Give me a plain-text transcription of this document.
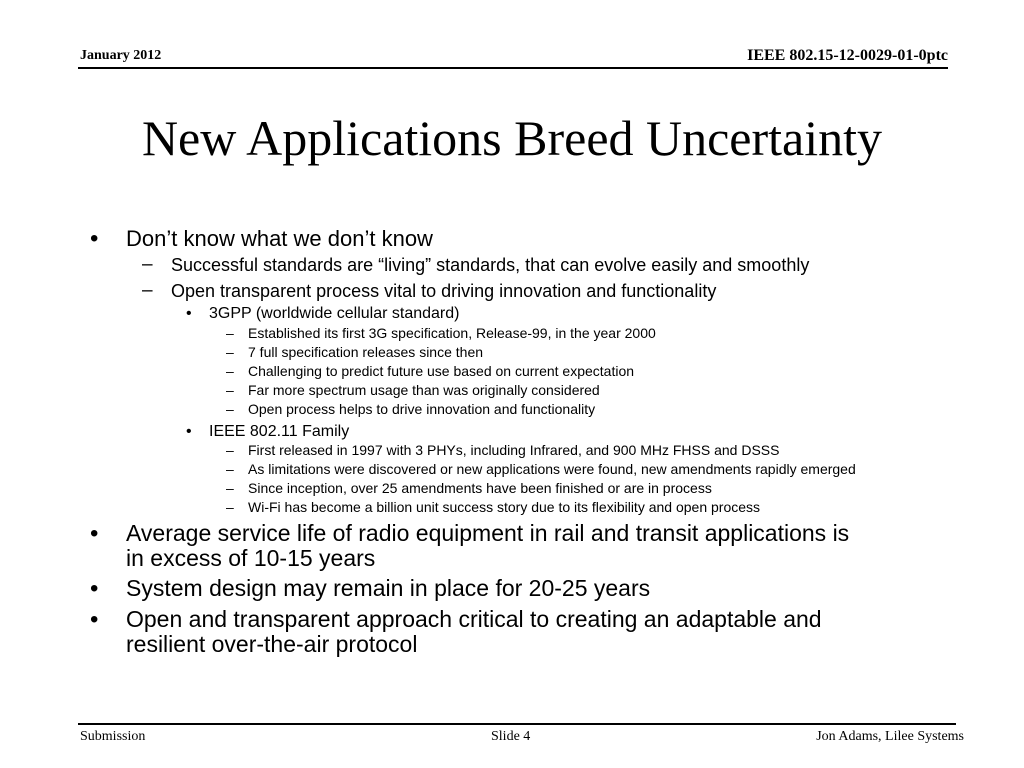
January 2012	IEEE 802.15-12-0029-01-0ptc
New Applications Breed Uncertainty
• Don’t know what we don’t know
– Successful standards are “living” standards, that can evolve easily and smoothly
– Open transparent process vital to driving innovation and functionality
• 3GPP (worldwide cellular standard)
– Established its first 3G specification, Release-99, in the year 2000
– 7 full specification releases since then
– Challenging to predict future use based on current expectation
– Far more spectrum usage than was originally considered
– Open process helps to drive innovation and functionality
• IEEE 802.11 Family
– First released in 1997 with 3 PHYs, including Infrared, and 900 MHz FHSS and DSSS
– As limitations were discovered or new applications were found, new amendments rapidly emerged
– Since inception, over 25 amendments have been finished or are in process
– Wi-Fi has become a billion unit success story due to its flexibility and open process
• Average service life of radio equipment in rail and transit applications is
in excess of 10-15 years
• System design may remain in place for 20-25 years
• Open and transparent approach critical to creating an adaptable and
resilient over-the-air protocol
Submission	Slide 4	Jon Adams, Lilee Systems
